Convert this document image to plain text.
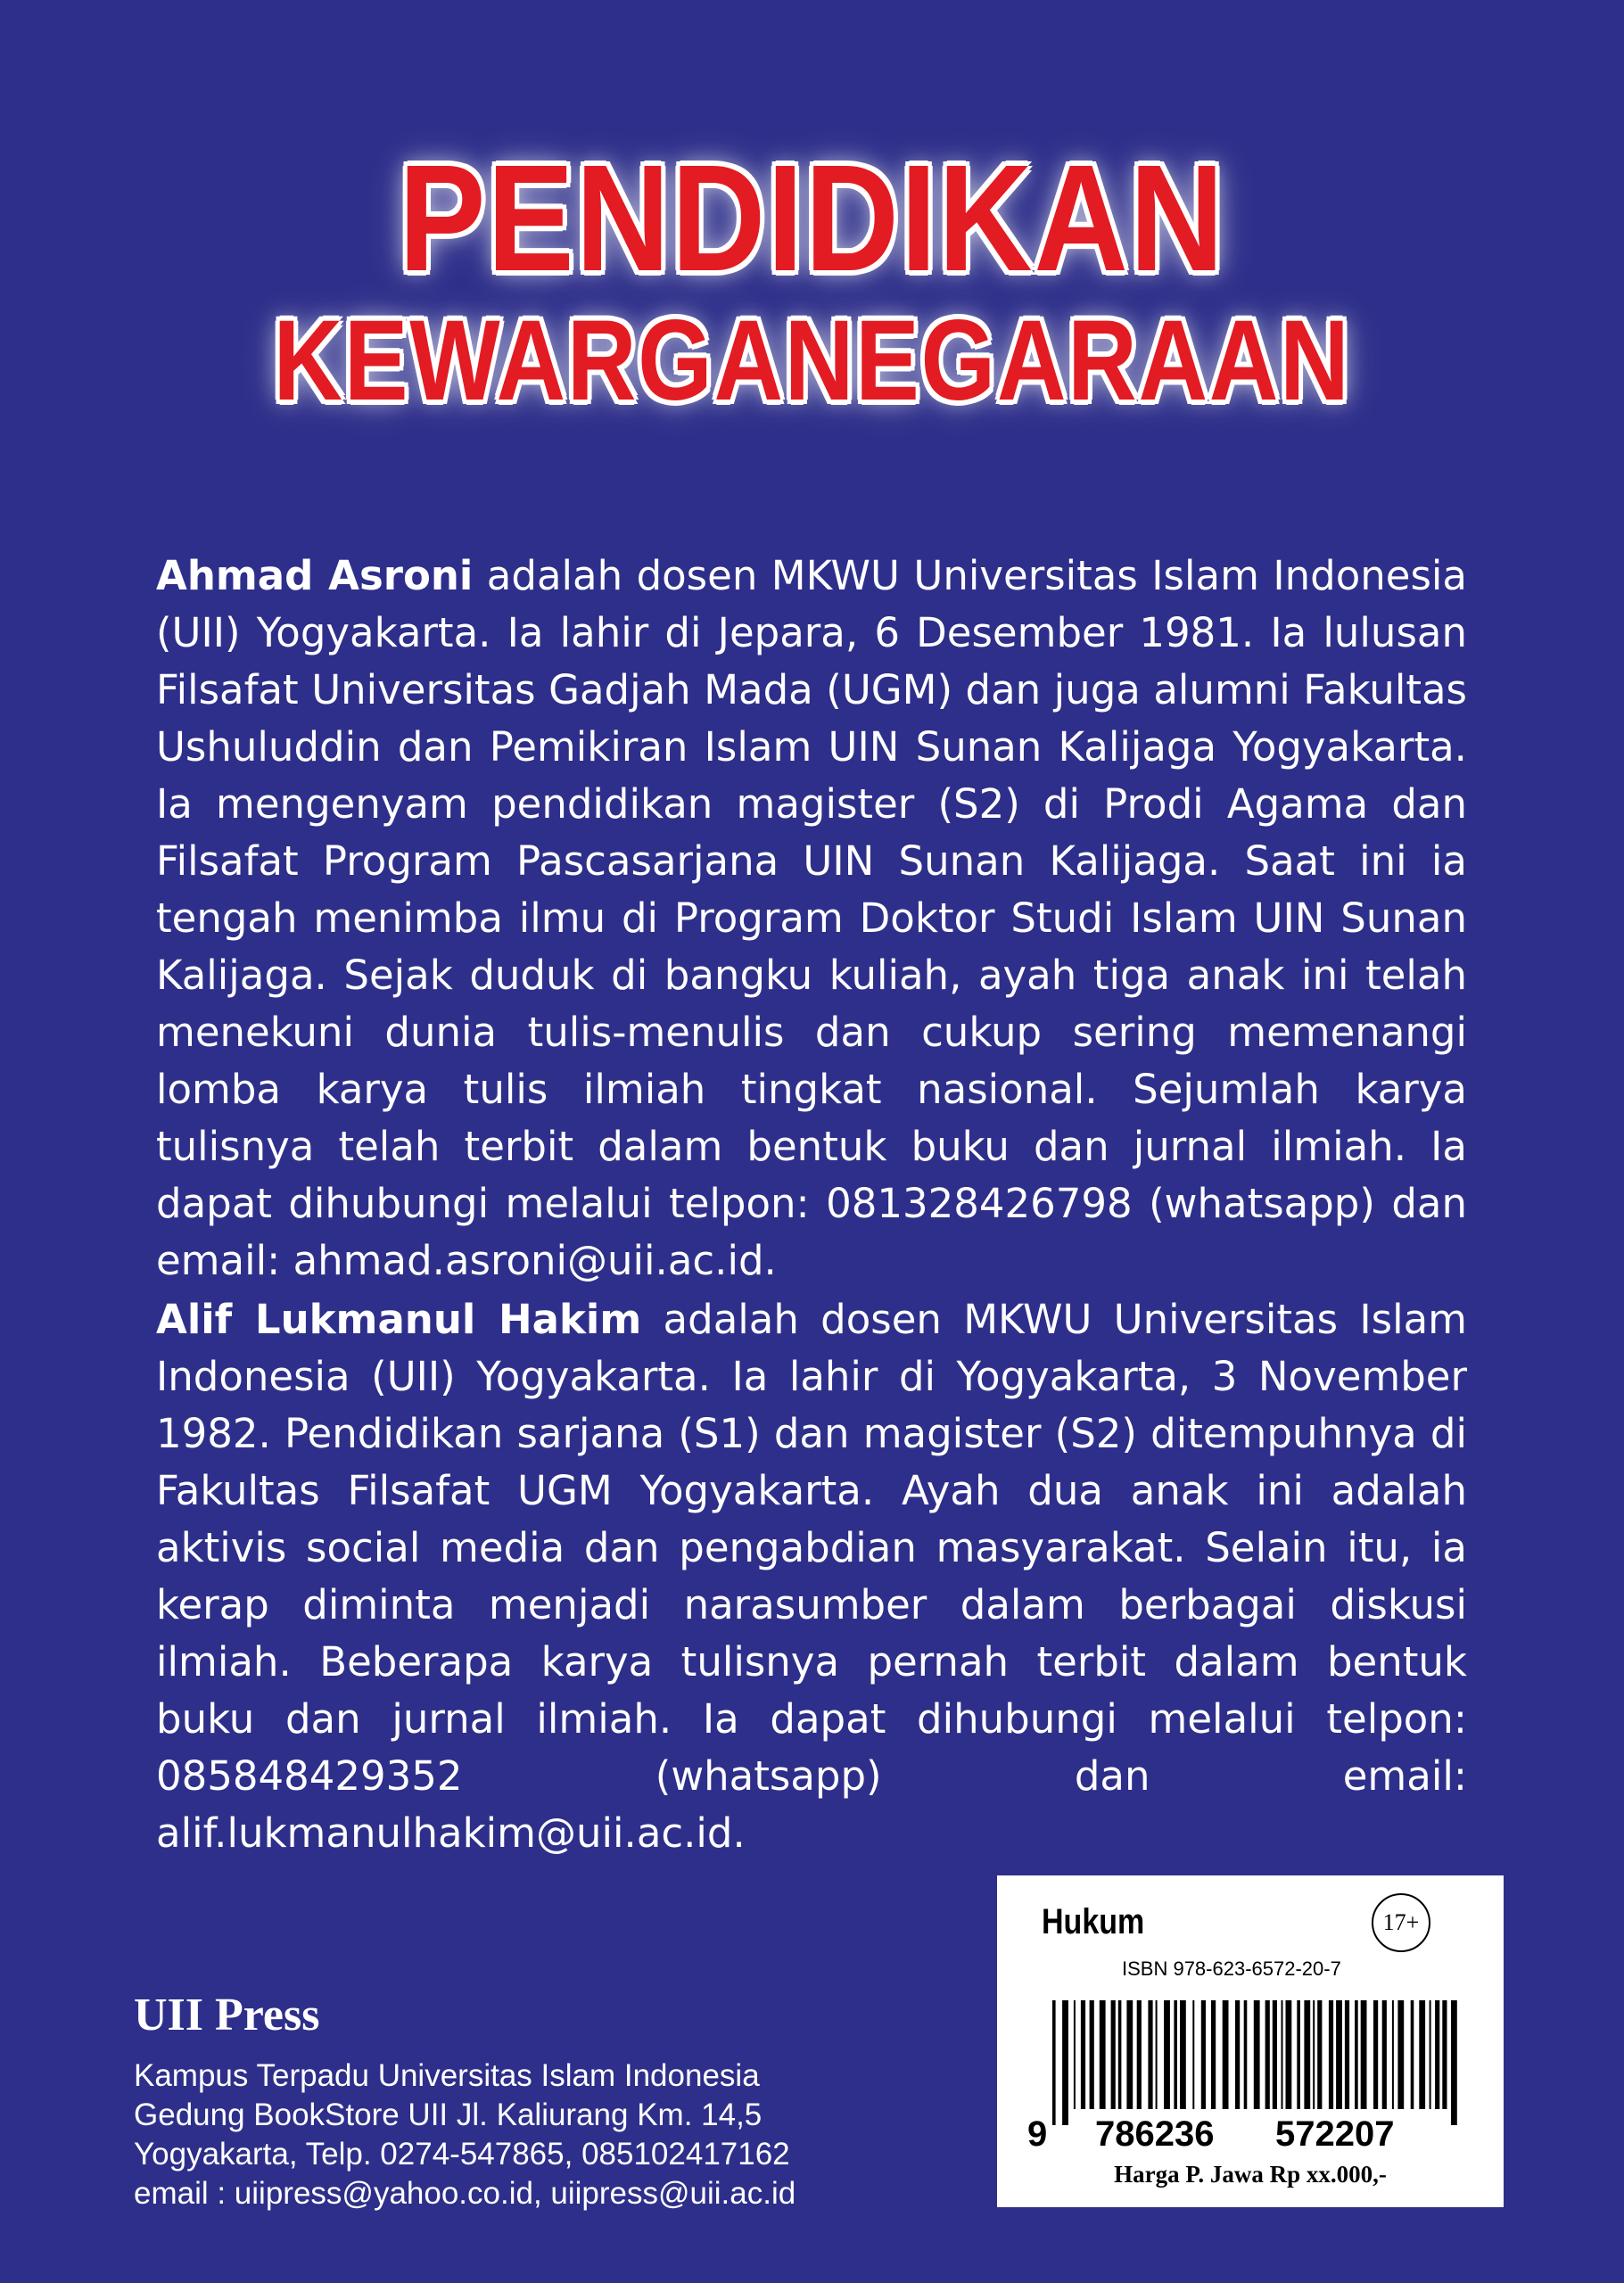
PENDIDIKAN
KEWARGANEGARAAN
Ahmad Asroni adalah dosen MKWU Universitas Islam Indonesia (UII) Yogyakarta. Ia lahir di Jepara, 6 Desember 1981. Ia lulusan Filsafat Universitas Gadjah Mada (UGM) dan juga alumni Fakultas Ushuluddin dan Pemikiran Islam UIN Sunan Kalijaga Yogyakarta. Ia mengenyam pendidikan magister (S2) di Prodi Agama dan Filsafat Program Pascasarjana UIN Sunan Kalijaga. Saat ini ia tengah menimba ilmu di Program Doktor Studi Islam UIN Sunan Kalijaga. Sejak duduk di bangku kuliah, ayah tiga anak ini telah menekuni dunia tulis-menulis dan cukup sering memenangi lomba karya tulis ilmiah tingkat nasional. Sejumlah karya tulisnya telah terbit dalam bentuk buku dan jurnal ilmiah. Ia dapat dihubungi melalui telpon: 081328426798 (whatsapp) dan email: ahmad.asroni@uii.ac.id.
Alif Lukmanul Hakim adalah dosen MKWU Universitas Islam Indonesia (UII) Yogyakarta. Ia lahir di Yogyakarta, 3 November 1982. Pendidikan sarjana (S1) dan magister (S2) ditempuhnya di Fakultas Filsafat UGM Yogyakarta. Ayah dua anak ini adalah aktivis social media dan pengabdian masyarakat. Selain itu, ia kerap diminta menjadi narasumber dalam berbagai diskusi ilmiah. Beberapa karya tulisnya pernah terbit dalam bentuk buku dan jurnal ilmiah. Ia dapat dihubungi melalui telpon: 085848429352 (whatsapp) dan email: alif.lukmanulhakim@uii.ac.id.
UII Press
Kampus Terpadu Universitas Islam Indonesia
Gedung BookStore UII Jl. Kaliurang Km. 14,5
Yogyakarta, Telp. 0274-547865, 085102417162
email : uiipress@yahoo.co.id, uiipress@uii.ac.id
Hukum	17+
ISBN 978-623-6572-20-7
9 786236 572207
Harga P. Jawa Rp xx.000,-
